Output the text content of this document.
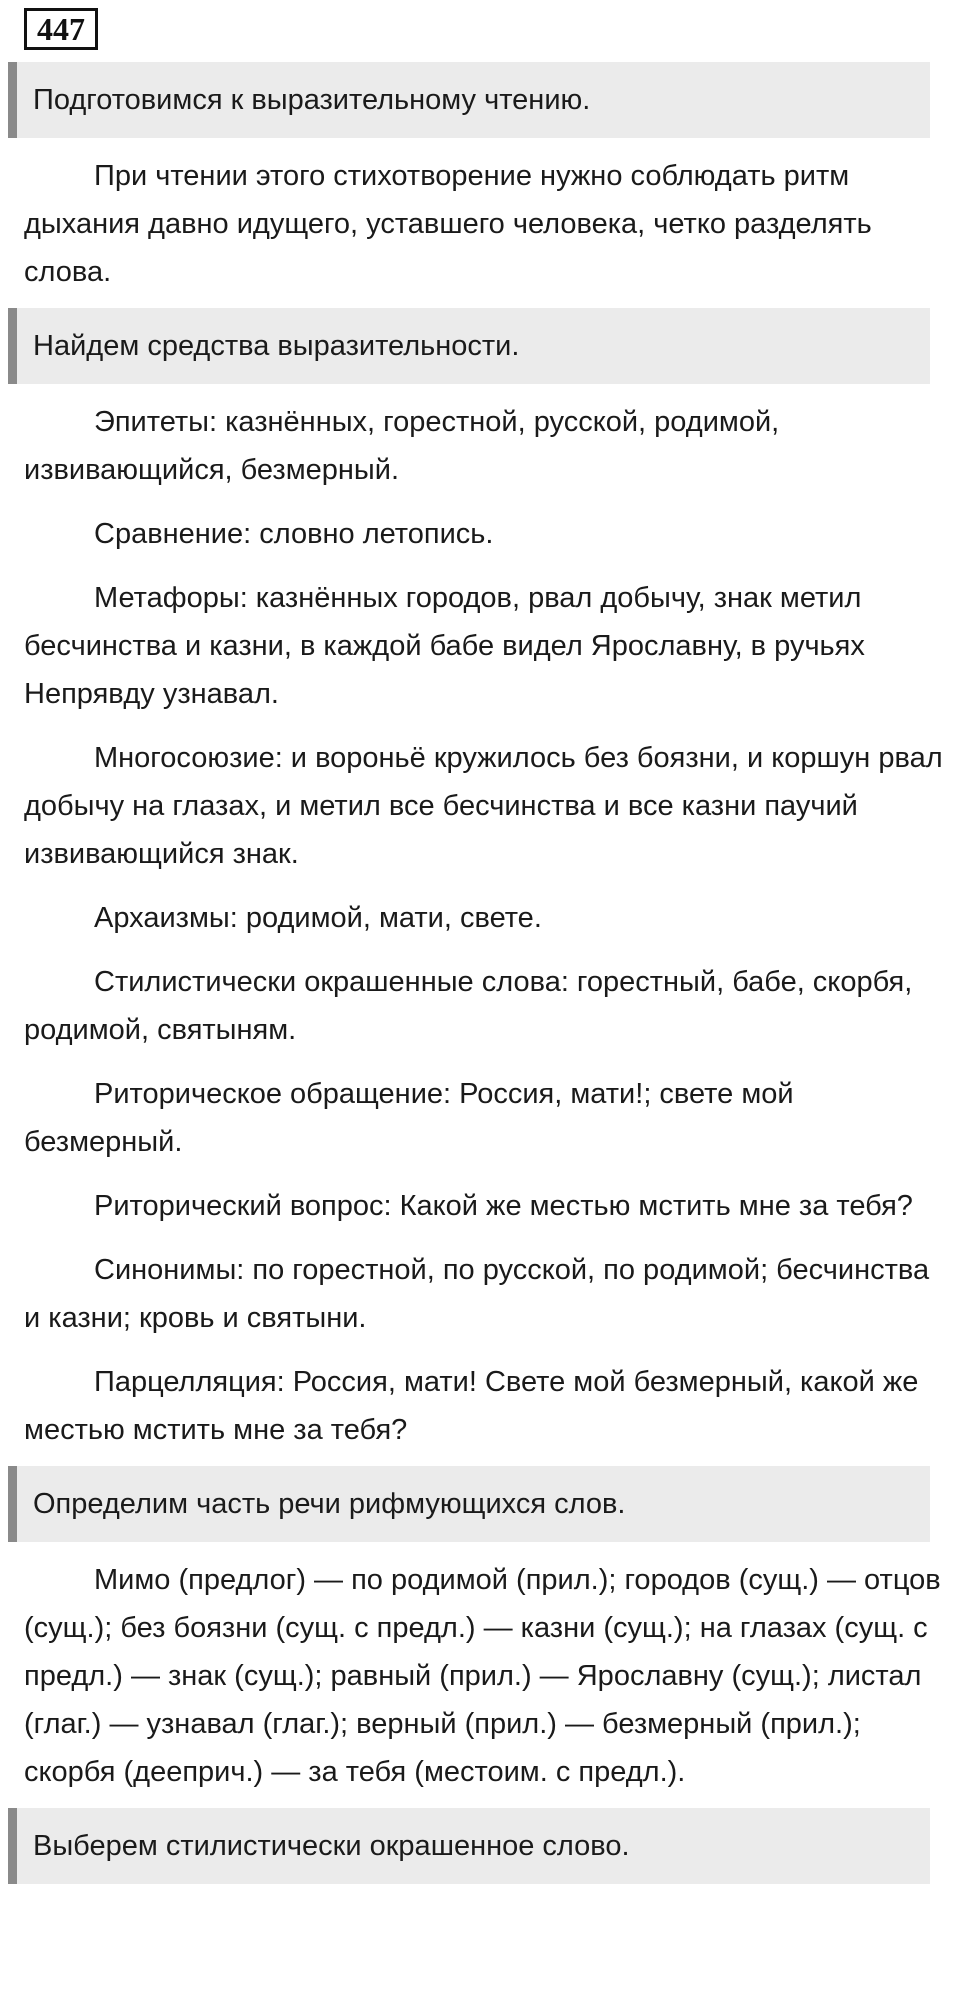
447
Подготовимся к выразительному чтению.

При чтении этого стихотворение нужно соблюдать ритм дыхания давно идущего, уставшего человека, четко разделять слова.

Найдем средства выразительности.

Эпитеты: казнённых, горестной, русской, родимой, извивающийся, безмерный.

Сравнение: словно летопись.

Метафоры: казнённых городов, рвал добычу, знак метил бесчинства и казни, в каждой бабе видел Ярославну, в ручьях Непрявду узнавал.

Многосоюзие: и вороньё кружилось без боязни, и коршун рвал добычу на глазах, и метил все бесчинства и все казни паучий извивающийся знак.

Архаизмы: родимой, мати, свете.

Стилистически окрашенные слова: горестный, бабе, скорбя, родимой, святыням.

Риторическое обращение: Россия, мати!; свете мой безмерный.

Риторический вопрос: Какой же местью мстить мне за тебя?

Синонимы: по горестной, по русской, по родимой; бесчинства и казни; кровь и святыни.

Парцелляция: Россия, мати! Свете мой безмерный, какой же местью мстить мне за тебя?

Определим часть речи рифмующихся слов.

Мимо (предлог) — по родимой (прил.); городов (сущ.) — отцов (сущ.); без боязни (сущ. с предл.) — казни (сущ.); на глазах (сущ. с предл.) — знак (сущ.); равный (прил.) — Ярославну (сущ.); листал (глаг.) — узнавал (глаг.); верный (прил.) — безмерный (прил.); скорбя (дееприч.) — за тебя (местоим. с предл.).

Выберем стилистически окрашенное слово.
